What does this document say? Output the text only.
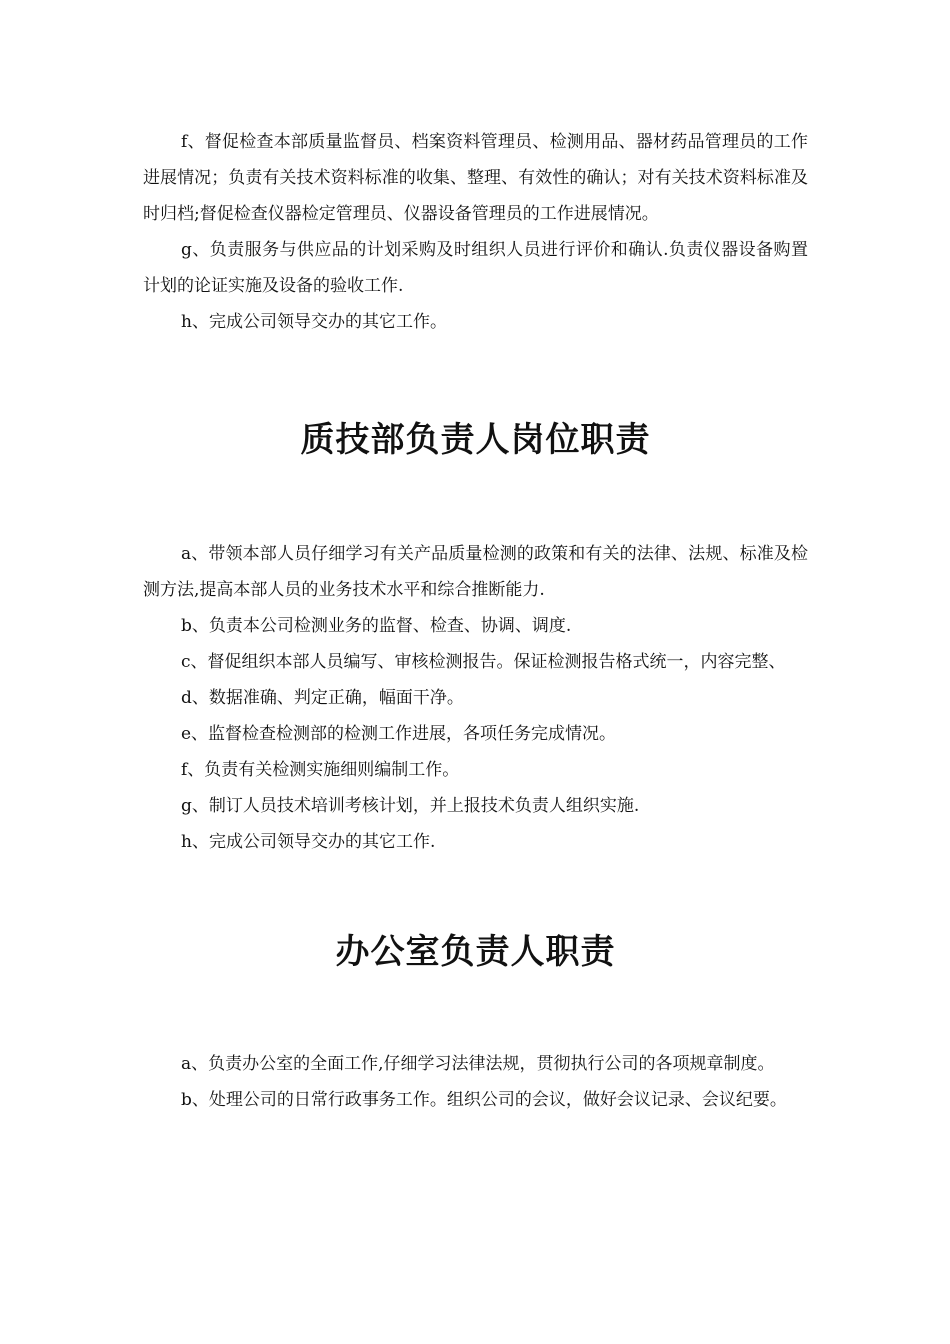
f、督促检查本部质量监督员、档案资料管理员、检测用品、器材药品管理员的工作进展情况；负责有关技术资料标准的收集、整理、有效性的确认；对有关技术资料标准及时归档;督促检查仪器检定管理员、仪器设备管理员的工作进展情况。

g、负责服务与供应品的计划采购及时组织人员进行评价和确认.负责仪器设备购置计划的论证实施及设备的验收工作.

h、完成公司领导交办的其它工作。

质技部负责人岗位职责

a、带领本部人员仔细学习有关产品质量检测的政策和有关的法律、法规、标准及检测方法,提高本部人员的业务技术水平和综合推断能力.

b、负责本公司检测业务的监督、检查、协调、调度.

c、督促组织本部人员编写、审核检测报告。保证检测报告格式统一，内容完整、

d、数据准确、判定正确，幅面干净。

e、监督检查检测部的检测工作进展，各项任务完成情况。

f、负责有关检测实施细则编制工作。

g、制订人员技术培训考核计划，并上报技术负责人组织实施.

h、完成公司领导交办的其它工作.

办公室负责人职责

a、负责办公室的全面工作,仔细学习法律法规，贯彻执行公司的各项规章制度。

b、处理公司的日常行政事务工作。组织公司的会议，做好会议记录、会议纪要。
